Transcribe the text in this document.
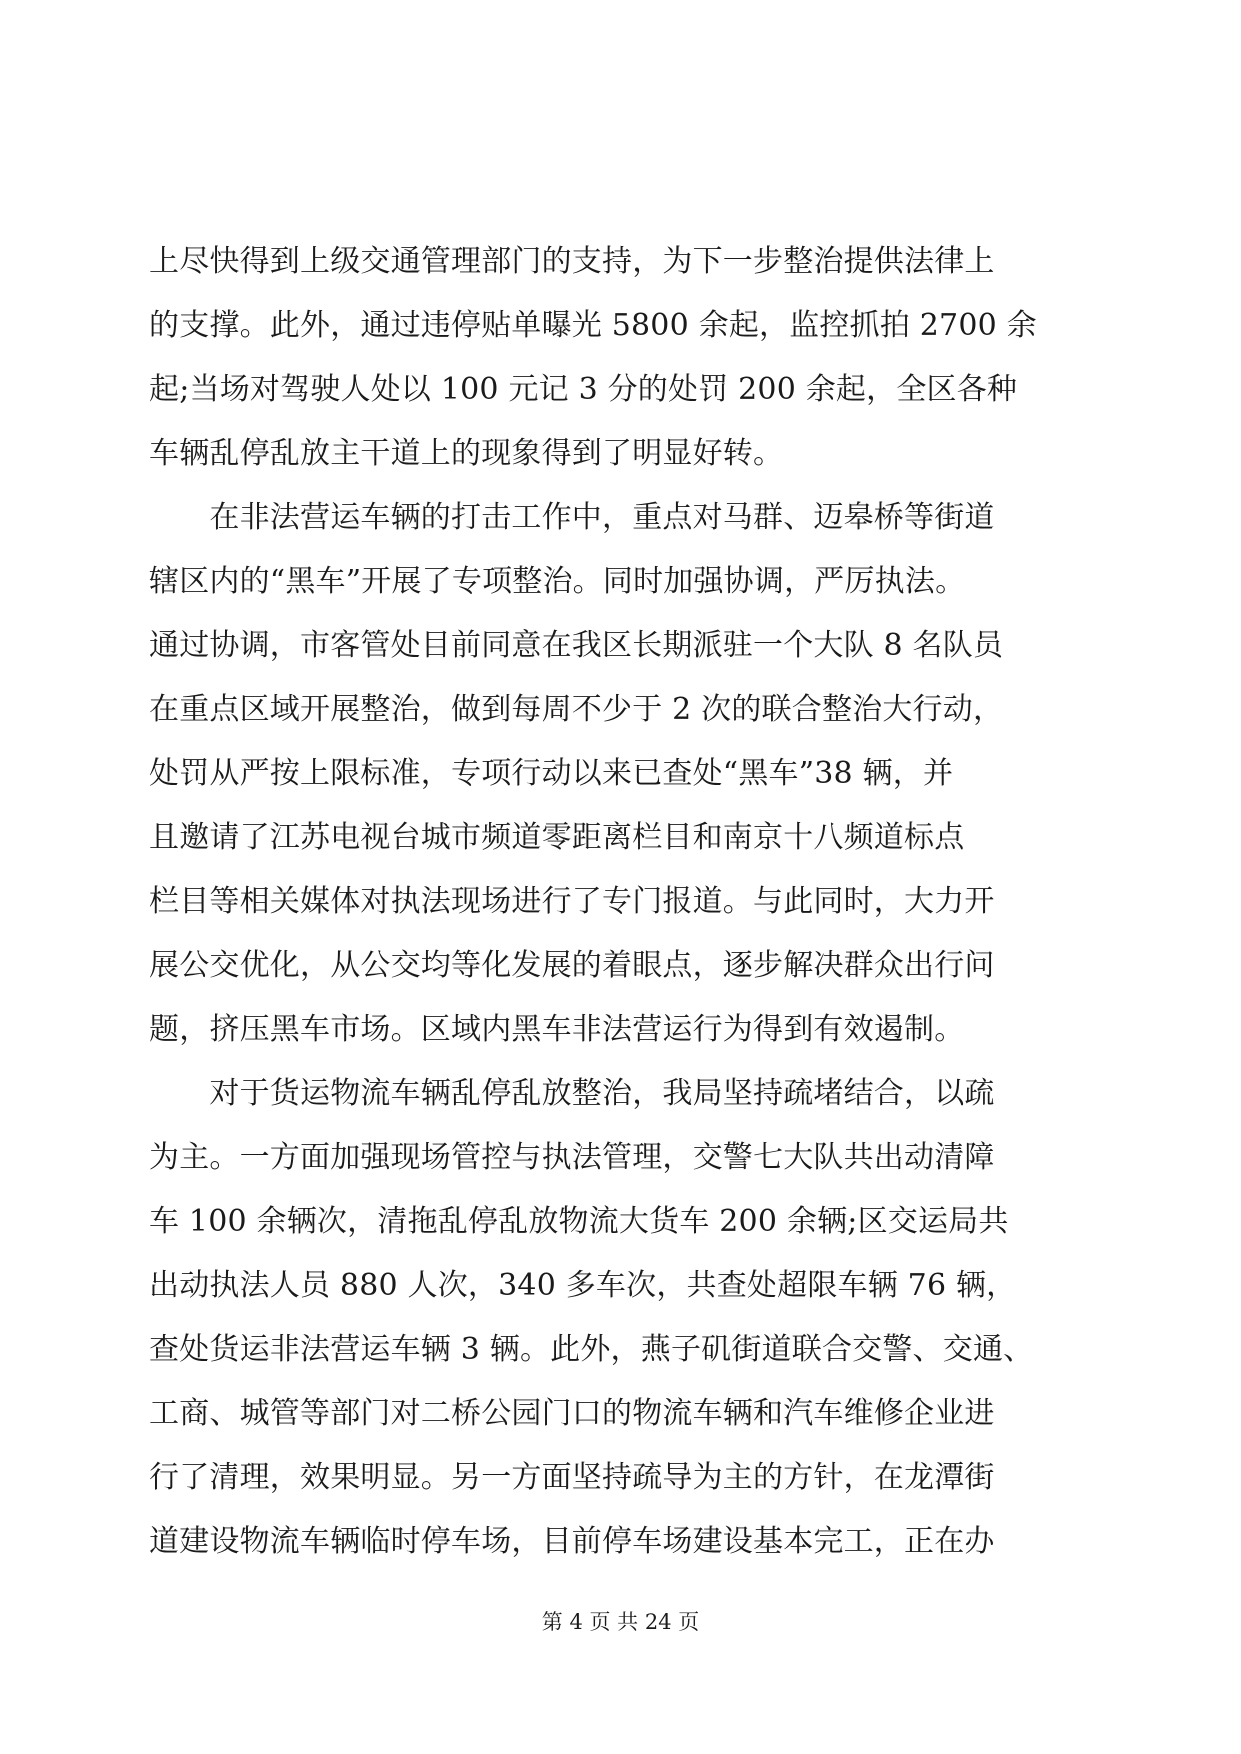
上尽快得到上级交通管理部门的支持，为下一步整治提供法律上
的支撑。此外，通过违停贴单曝光 5800 余起，监控抓拍 2700 余
起;当场对驾驶人处以 100 元记 3 分的处罚 200 余起，全区各种
车辆乱停乱放主干道上的现象得到了明显好转。
　　在非法营运车辆的打击工作中，重点对马群、迈皋桥等街道
辖区内的“黑车”开展了专项整治。同时加强协调，严厉执法。
通过协调，市客管处目前同意在我区长期派驻一个大队 8 名队员
在重点区域开展整治，做到每周不少于 2 次的联合整治大行动，
处罚从严按上限标准，专项行动以来已查处“黑车”38 辆，并
且邀请了江苏电视台城市频道零距离栏目和南京十八频道标点
栏目等相关媒体对执法现场进行了专门报道。与此同时，大力开
展公交优化，从公交均等化发展的着眼点，逐步解决群众出行问
题，挤压黑车市场。区域内黑车非法营运行为得到有效遏制。
　　对于货运物流车辆乱停乱放整治，我局坚持疏堵结合，以疏
为主。一方面加强现场管控与执法管理，交警七大队共出动清障
车 100 余辆次，清拖乱停乱放物流大货车 200 余辆;区交运局共
出动执法人员 880 人次，340 多车次，共查处超限车辆 76 辆，
查处货运非法营运车辆 3 辆。此外，燕子矶街道联合交警、交通、
工商、城管等部门对二桥公园门口的物流车辆和汽车维修企业进
行了清理，效果明显。另一方面坚持疏导为主的方针，在龙潭街
道建设物流车辆临时停车场，目前停车场建设基本完工，正在办
第 4 页 共 24 页
